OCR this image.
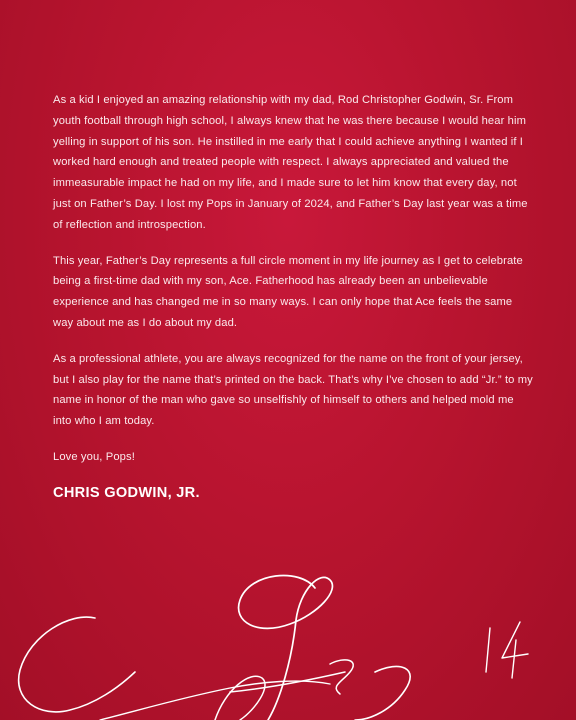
As a kid I enjoyed an amazing relationship with my dad, Rod Christopher Godwin, Sr. From youth football through high school, I always knew that he was there because I would hear him yelling in support of his son. He instilled in me early that I could achieve anything I wanted if I worked hard enough and treated people with respect. I always appreciated and valued the immeasurable impact he had on my life, and I made sure to let him know that every day, not just on Father’s Day. I lost my Pops in January of 2024, and Father’s Day last year was a time of reflection and introspection.

This year, Father’s Day represents a full circle moment in my life journey as I get to celebrate being a first-time dad with my son, Ace. Fatherhood has already been an unbelievable experience and has changed me in so many ways. I can only hope that Ace feels the same way about me as I do about my dad.

As a professional athlete, you are always recognized for the name on the front of your jersey, but I also play for the name that’s printed on the back. That’s why I’ve chosen to add “Jr.” to my name in honor of the man who gave so unselfishly of himself to others and helped mold me into who I am today.

Love you, Pops!

CHRIS GODWIN, JR.
